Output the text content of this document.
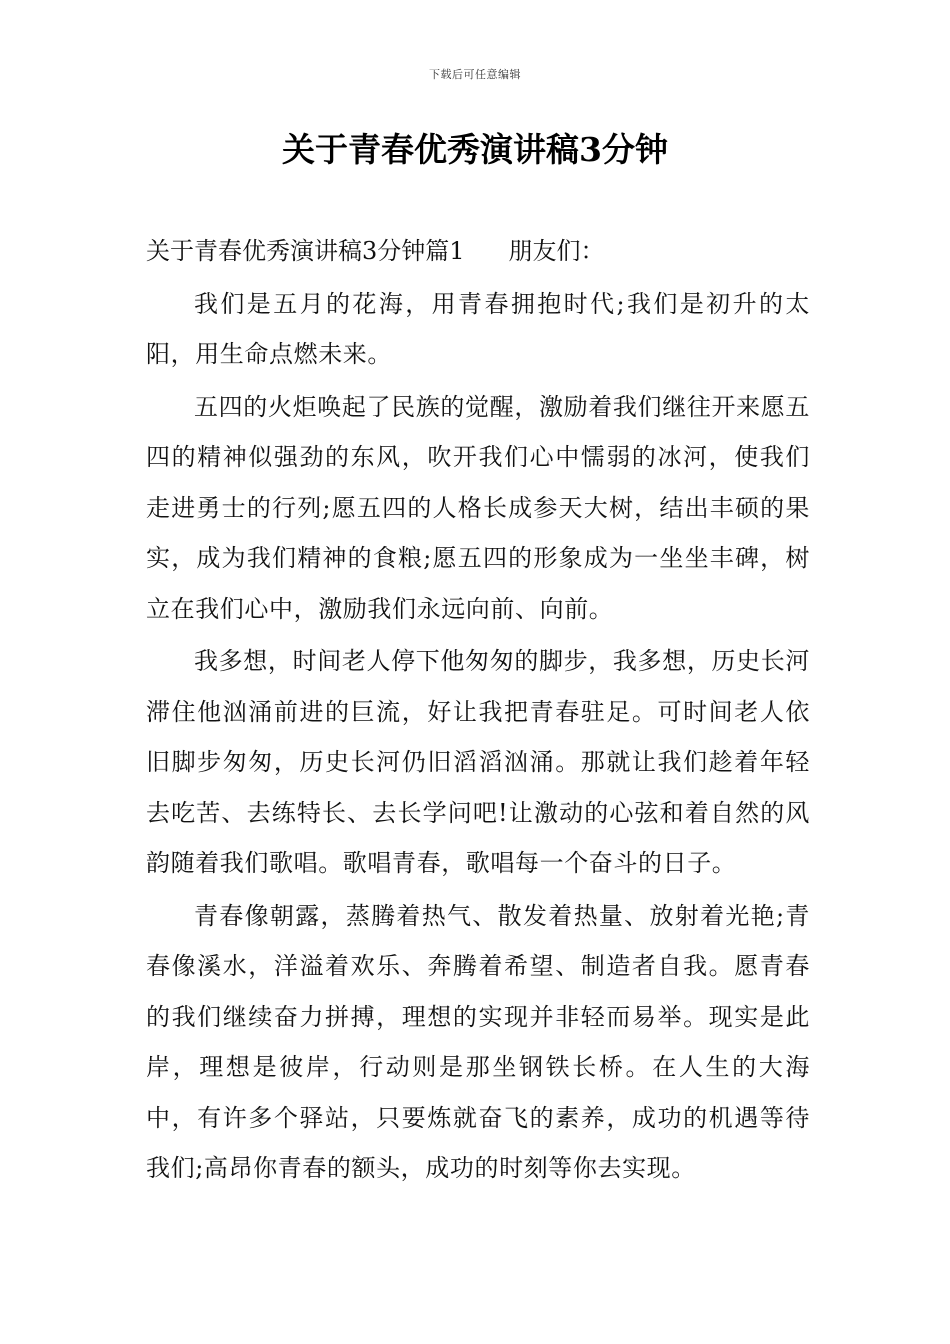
下载后可任意编辑
关于青春优秀演讲稿3分钟

关于青春优秀演讲稿3分钟篇1 朋友们：

我们是五月的花海，用青春拥抱时代;我们是初升的太阳，用生命点燃未来。

五四的火炬唤起了民族的觉醒，激励着我们继往开来愿五四的精神似强劲的东风，吹开我们心中懦弱的冰河，使我们走进勇士的行列;愿五四的人格长成参天大树，结出丰硕的果实，成为我们精神的食粮;愿五四的形象成为一坐坐丰碑，树立在我们心中，激励我们永远向前、向前。

我多想，时间老人停下他匆匆的脚步，我多想，历史长河滞住他汹涌前进的巨流，好让我把青春驻足。可时间老人依旧脚步匆匆，历史长河仍旧滔滔汹涌。那就让我们趁着年轻去吃苦、去练特长、去长学问吧!让激动的心弦和着自然的风韵随着我们歌唱。歌唱青春，歌唱每一个奋斗的日子。

青春像朝露，蒸腾着热气、散发着热量、放射着光艳;青春像溪水，洋溢着欢乐、奔腾着希望、制造者自我。愿青春的我们继续奋力拼搏，理想的实现并非轻而易举。现实是此岸，理想是彼岸，行动则是那坐钢铁长桥。在人生的大海中，有许多个驿站，只要炼就奋飞的素养，成功的机遇等待我们;高昂你青春的额头，成功的时刻等你去实现。
